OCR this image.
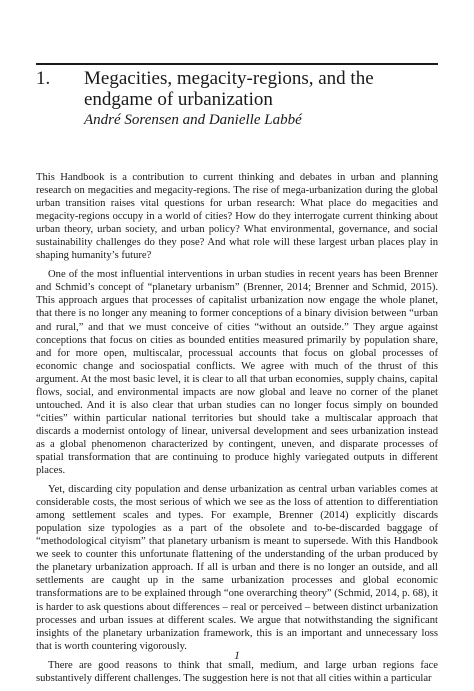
1. Megacities, megacity-regions, and the endgame of urbanization
André Sorensen and Danielle Labbé

This Handbook is a contribution to current thinking and debates in urban and planning research on megacities and megacity-regions. The rise of mega-urbanization during the global urban transition raises vital questions for urban research: What place do megacities and megacity-regions occupy in a world of cities? How do they interrogate current thinking about urban theory, urban society, and urban policy? What environmental, governance, and social sustainability challenges do they pose? And what role will these largest urban places play in shaping humanity’s future?

One of the most influential interventions in urban studies in recent years has been Brenner and Schmid’s concept of “planetary urbanism” (Brenner, 2014; Brenner and Schmid, 2015). This approach argues that processes of capitalist urbanization now engage the whole planet, that there is no longer any meaning to former conceptions of a binary division between “urban and rural,” and that we must conceive of cities “without an outside.” They argue against conceptions that focus on cities as bounded entities measured primarily by population share, and for more open, multiscalar, processual accounts that focus on global processes of economic change and sociospatial conflicts. We agree with much of the thrust of this argument. At the most basic level, it is clear to all that urban economies, supply chains, capital flows, social, and environmental impacts are now global and leave no corner of the planet untouched. And it is also clear that urban studies can no longer focus simply on bounded “cities” within particular national territories but should take a multiscalar approach that discards a modernist ontology of linear, universal development and sees urbanization instead as a global phenomenon characterized by contingent, uneven, and disparate processes of spatial transformation that are continuing to produce highly variegated outputs in different places.

Yet, discarding city population and dense urbanization as central urban variables comes at considerable costs, the most serious of which we see as the loss of attention to differentiation among settlement scales and types. For example, Brenner (2014) explicitly discards population size typologies as a part of the obsolete and to-be-discarded baggage of “methodological cityism” that planetary urbanism is meant to supersede. With this Handbook we seek to counter this unfortunate flattening of the understanding of the urban produced by the planetary urbanization approach. If all is urban and there is no longer an outside, and all settlements are caught up in the same urbanization processes and global economic transformations are to be explained through “one overarching theory” (Schmid, 2014, p. 68), it is harder to ask questions about differences – real or perceived – between distinct urbanization processes and urban issues at different scales. We argue that notwithstanding the significant insights of the planetary urbanization framework, this is an important and unnecessary loss that is worth countering vigorously.

There are good reasons to think that small, medium, and large urban regions face substantively different challenges. The suggestion here is not that all cities within a particular

1
